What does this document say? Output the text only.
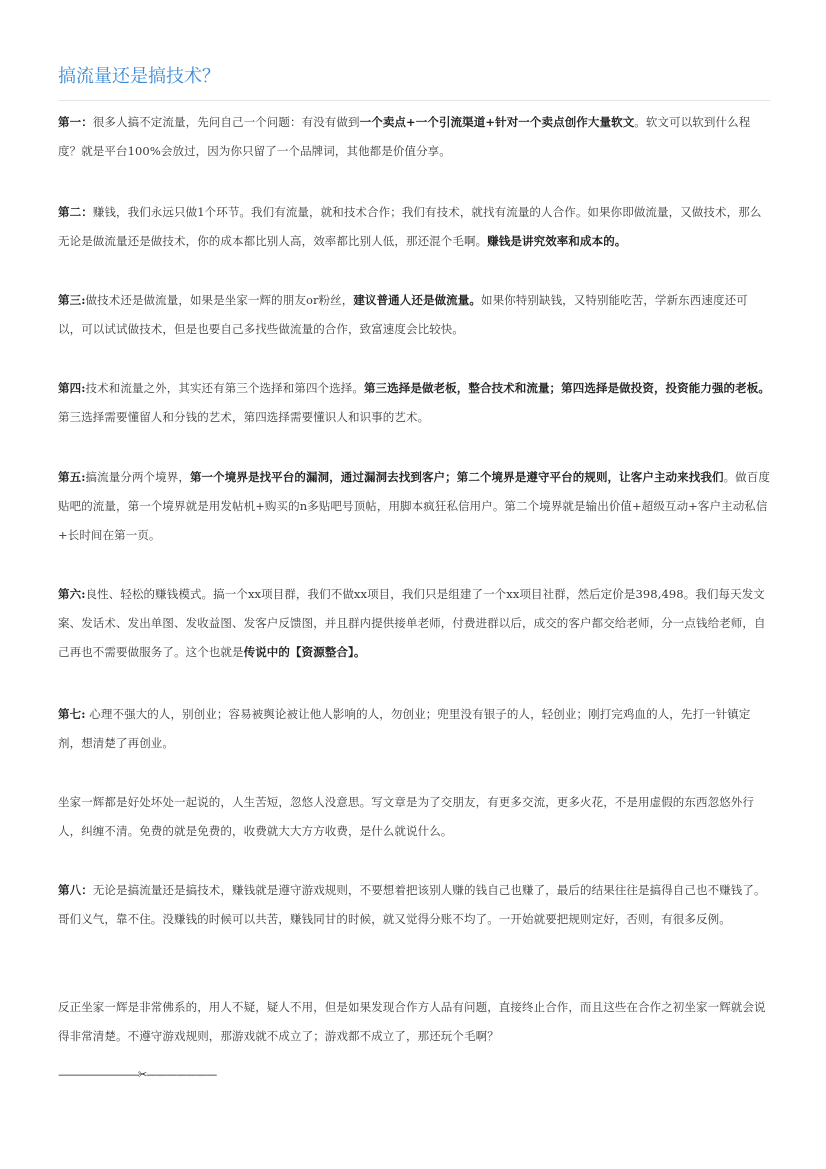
搞流量还是搞技术？

第一：很多人搞不定流量，先问自己一个问题：有没有做到一个卖点+一个引流渠道+针对一个卖点创作大量软文。软文可以软到什么程度？就是平台100%会放过，因为你只留了一个品牌词，其他都是价值分享。

第二：赚钱，我们永远只做1个环节。我们有流量，就和技术合作；我们有技术，就找有流量的人合作。如果你即做流量，又做技术，那么无论是做流量还是做技术，你的成本都比别人高，效率都比别人低，那还混个毛啊。赚钱是讲究效率和成本的。

第三:做技术还是做流量，如果是坐家一辉的朋友or粉丝，建议普通人还是做流量。如果你特别缺钱，又特别能吃苦，学新东西速度还可以，可以试试做技术，但是也要自己多找些做流量的合作，致富速度会比较快。

第四:技术和流量之外，其实还有第三个选择和第四个选择。第三选择是做老板，整合技术和流量；第四选择是做投资，投资能力强的老板。第三选择需要懂留人和分钱的艺术，第四选择需要懂识人和识事的艺术。

第五:搞流量分两个境界，第一个境界是找平台的漏洞，通过漏洞去找到客户；第二个境界是遵守平台的规则，让客户主动来找我们。做百度贴吧的流量，第一个境界就是用发帖机+购买的n多贴吧号顶帖，用脚本疯狂私信用户。第二个境界就是输出价值+超级互动+客户主动私信+长时间在第一页。

第六:良性、轻松的赚钱模式。搞一个xx项目群，我们不做xx项目，我们只是组建了一个xx项目社群，然后定价是398,498。我们每天发文案、发话术、发出单图、发收益图、发客户反馈图，并且群内提供接单老师，付费进群以后，成交的客户都交给老师，分一点钱给老师，自己再也不需要做服务了。这个也就是传说中的【资源整合】。

第七: 心理不强大的人，别创业；容易被舆论被让他人影响的人，勿创业；兜里没有银子的人，轻创业；刚打完鸡血的人，先打一针镇定剂，想清楚了再创业。

坐家一辉都是好处坏处一起说的，人生苦短，忽悠人没意思。写文章是为了交朋友，有更多交流，更多火花，不是用虚假的东西忽悠外行人，纠缠不清。免费的就是免费的，收费就大大方方收费，是什么就说什么。

第八：无论是搞流量还是搞技术，赚钱就是遵守游戏规则，不要想着把该别人赚的钱自己也赚了，最后的结果往往是搞得自己也不赚钱了。哥们义气，靠不住。没赚钱的时候可以共苦，赚钱同甘的时候，就又觉得分账不均了。一开始就要把规则定好，否则，有很多反例。

反正坐家一辉是非常佛系的，用人不疑，疑人不用，但是如果发现合作方人品有问题，直接终止合作，而且这些在合作之初坐家一辉就会说得非常清楚。不遵守游戏规则，那游戏就不成立了；游戏都不成立了，那还玩个毛啊？

————————✂———————
